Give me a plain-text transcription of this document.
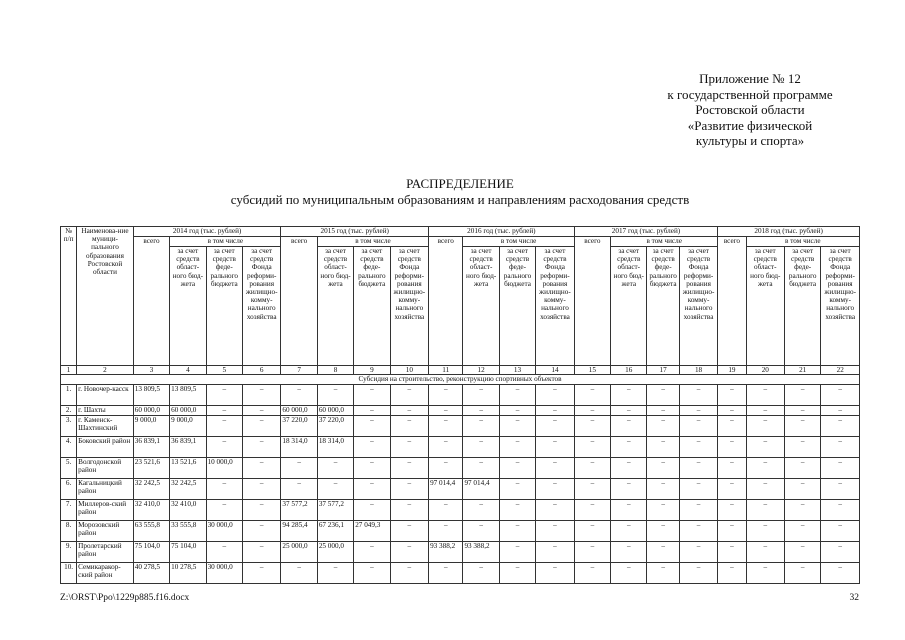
Приложение № 12
к государственной программе
Ростовской области
«Развитие физической
культуры и спорта»
РАСПРЕДЕЛЕНИЕ
субсидий по муниципальным образованиям и направлениям расходования средств
№ п/п	Наименова-ние муници-пального образования Ростовской области	2014 год (тыс. рублей)				2015 год (тыс. рублей)				2016 год (тыс. рублей)				2017 год (тыс. рублей)				2018 год (тыс. рублей)			
		всего	в том числе			всего	в том числе			всего	в том числе			всего	в том числе			всего	в том числе		
			за счет средств област-ного бюд-жета	за счет средств феде-рального бюджета	за счет средств Фонда реформи-рования жилищно-комму-нального хозяйства		за счет средств област-ного бюд-жета	за счет средств феде-рального бюджета	за счет средств Фонда реформи-рования жилищно-комму-нального хозяйства		за счет средств област-ного бюд-жета	за счет средств феде-рального бюджета	за счет средств Фонда реформи-рования жилищно-комму-нального хозяйства		за счет средств област-ного бюд-жета	за счет средств феде-рального бюджета	за счет средств Фонда реформи-рования жилищно-комму-нального хозяйства		за счет средств област-ного бюд-жета	за счет средств феде-рального бюджета	за счет средств Фонда реформи-рования жилищно-комму-нального хозяйства
1	2	3	4	5	6	7	8	9	10	11	12	13	14	15	16	17	18	19	20	21	22
Субсидия на строительство, реконструкцию спортивных объектов																					
1.	г. Новочер-касск	13 809,5	13 809,5	–	–	–	–	–	–	–	–	–	–	–	–	–	–	–	–	–	–
2.	г. Шахты	60 000,0	60 000,0	–	–	60 000,0	60 000,0	–	–	–	–	–	–	–	–	–	–	–	–	–	–
3.	г. Каменск-Шахтинский	9 000,0	9 000,0	–	–	37 220,0	37 220,0	–	–	–	–	–	–	–	–	–	–	–	–	–	–
4.	Боковский район	36 839,1	36 839,1	–	–	18 314,0	18 314,0	–	–	–	–	–	–	–	–	–	–	–	–	–	–
5.	Волгодонской район	23 521,6	13 521,6	10 000,0	–	–	–	–	–	–	–	–	–	–	–	–	–	–	–	–	–
6.	Кагальницкий район	32 242,5	32 242,5	–	–	–	–	–	–	97 014,4	97 014,4	–	–	–	–	–	–	–	–	–	–
7.	Миллеров-ский район	32 410,0	32 410,0	–	–	37 577,2	37 577,2	–	–	–	–	–	–	–	–	–	–	–	–	–	–
8.	Морозовский район	63 555,8	33 555,8	30 000,0	–	94 285,4	67 236,1	27 049,3	–	–	–	–	–	–	–	–	–	–	–	–	–
9.	Пролетарский район	75 104,0	75 104,0	–	–	25 000,0	25 000,0	–	–	93 388,2	93 388,2	–	–	–	–	–	–	–	–	–	–
10.	Семикаракор-ский район	40 278,5	10 278,5	30 000,0	–	–	–	–	–	–	–	–	–	–	–	–	–	–	–	–	–
Z:\ORST\Ppo\1229p885.f16.docx	32
